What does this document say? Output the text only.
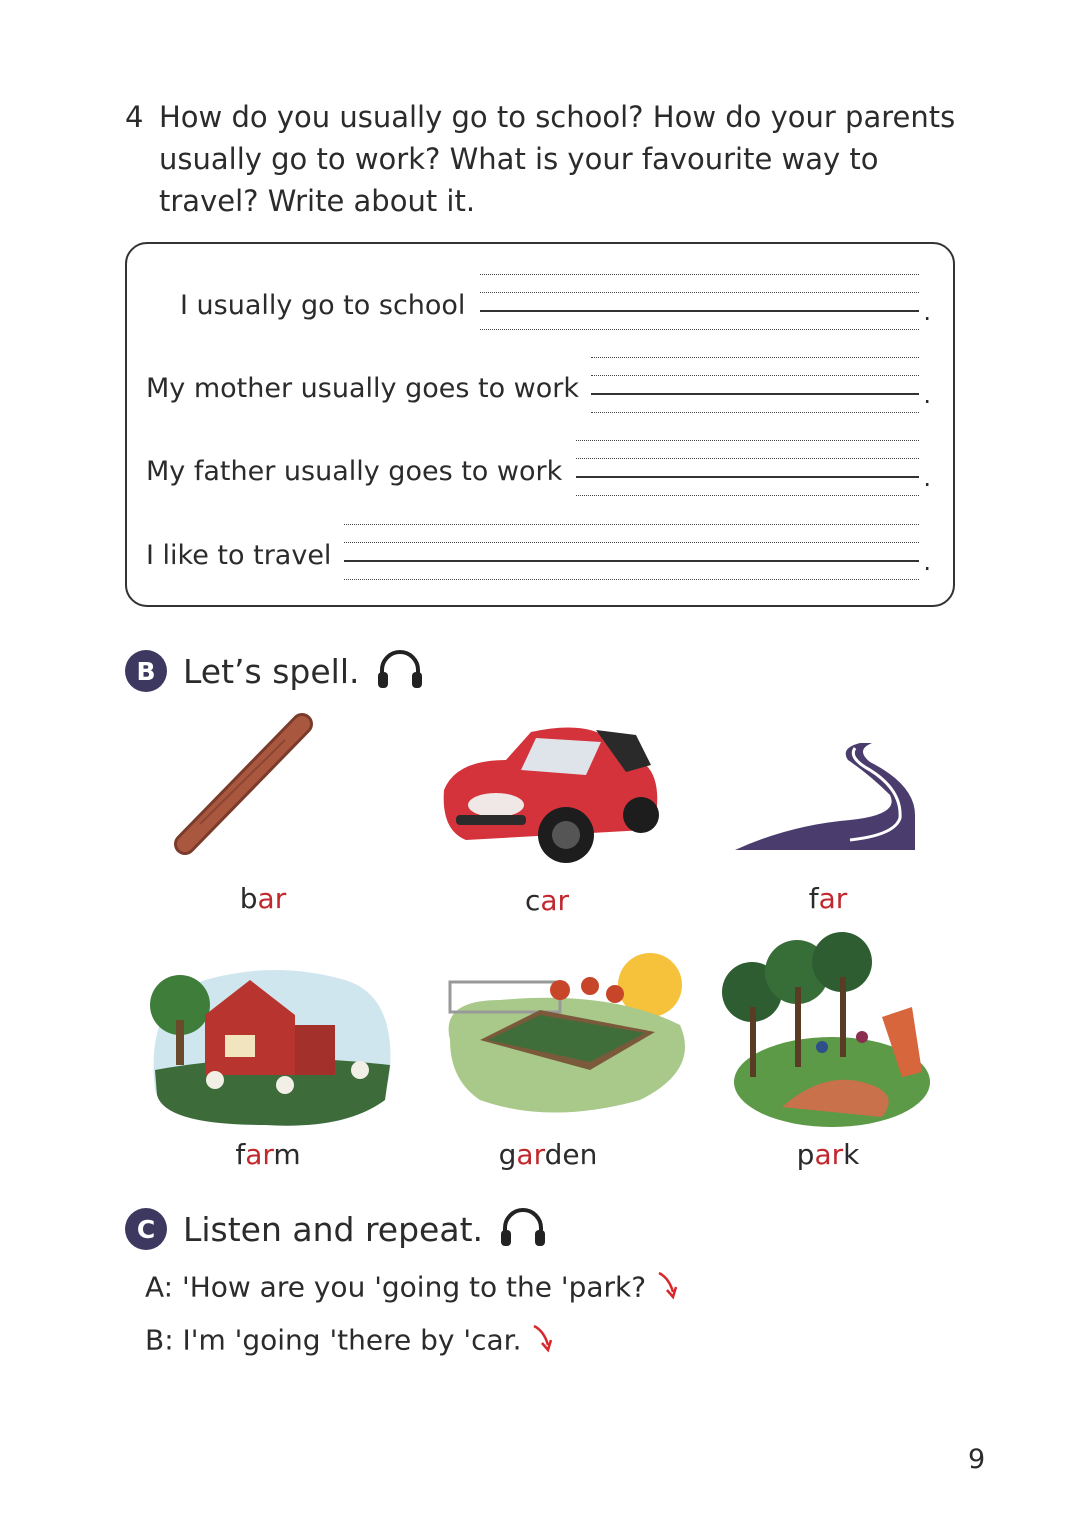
4 How do you usually go to school? How do your parents usually go to work? What is your favourite way to travel? Write about it.
I usually go to school	.
My mother usually goes to work	.
My father usually goes to work	.
I like to travel	.
B Let’s spell.
bar	car	far
farm	garden	park
C Listen and repeat.
A: 'How are you 'going to the 'park?
B: I'm 'going 'there by 'car.
9
